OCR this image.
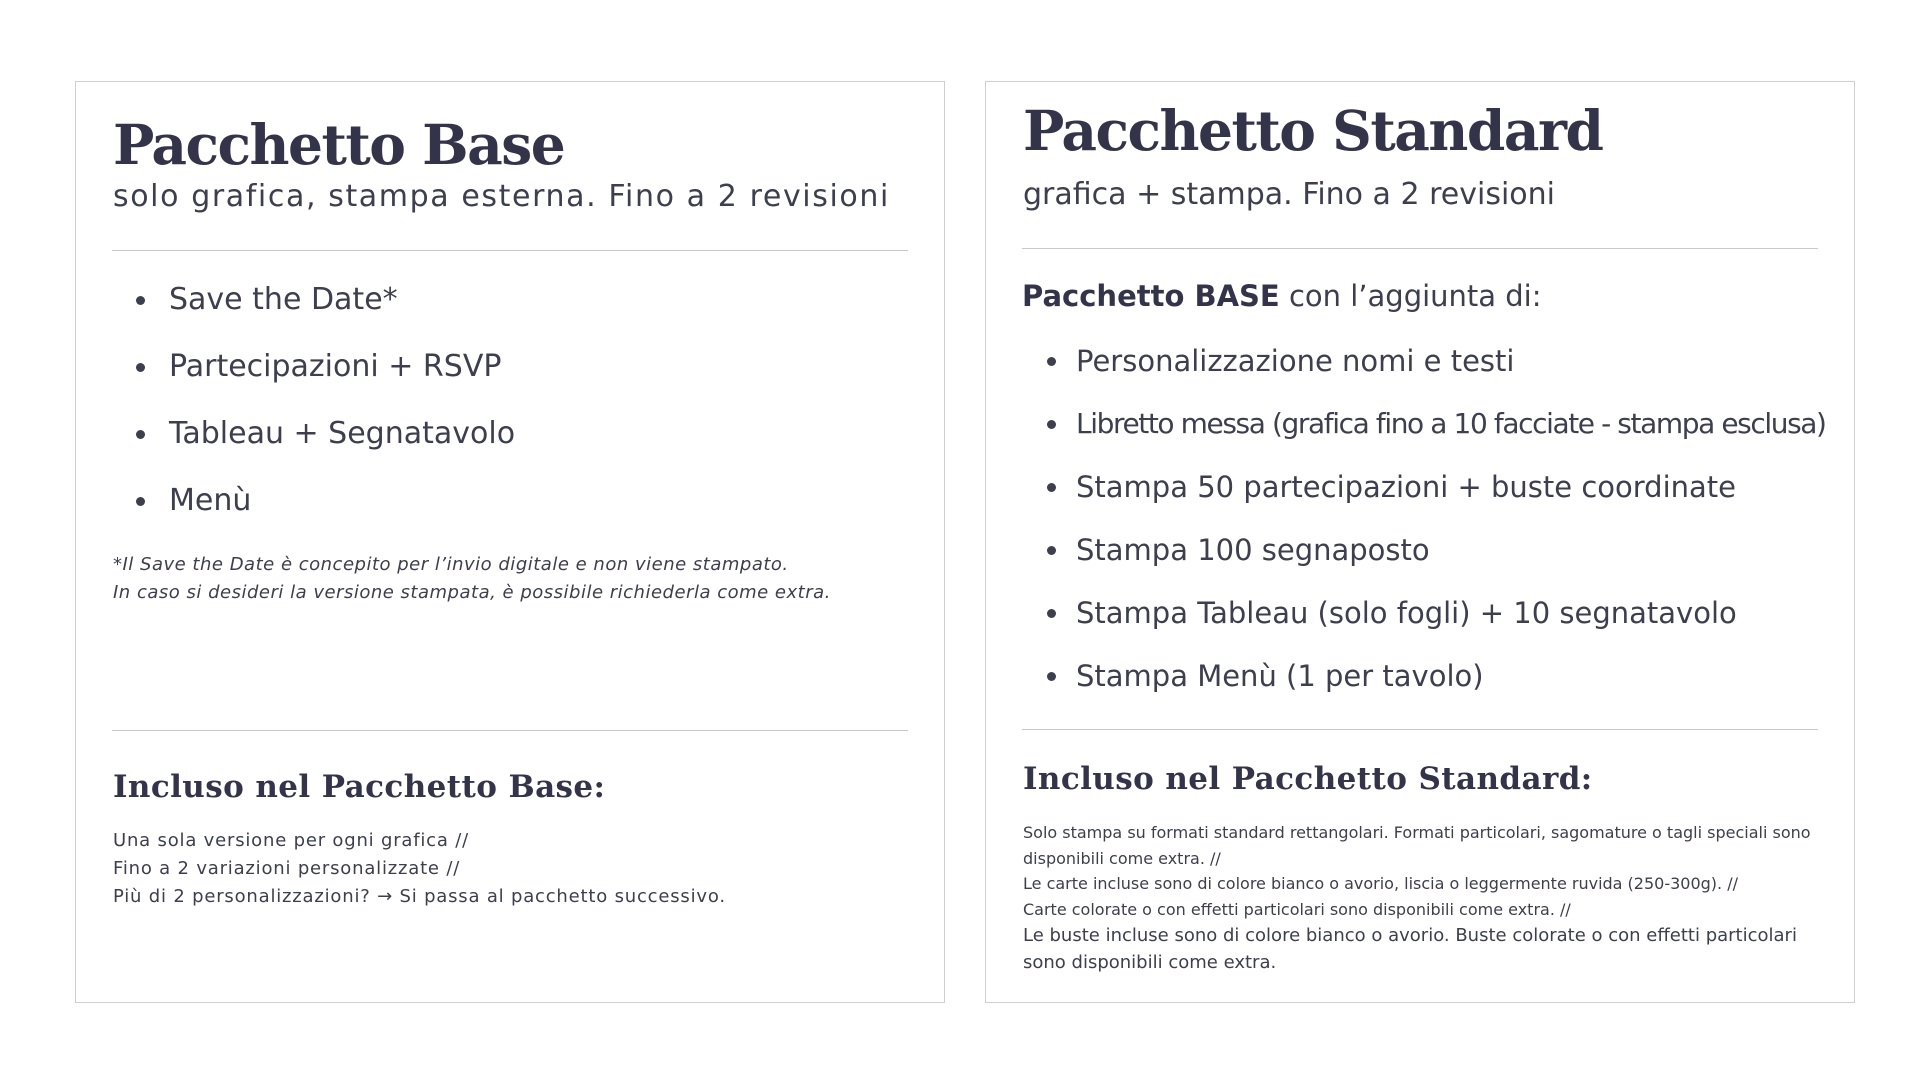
Pacchetto Base

solo grafica, stampa esterna. Fino a 2 revisioni

Save the Date*
Partecipazioni + RSVP
Tableau + Segnatavolo
Menù
*Il Save the Date è concepito per l’invio digitale e non viene stampato.
In caso si desideri la versione stampata, è possibile richiederla come extra.
Incluso nel Pacchetto Base:
Una sola versione per ogni grafica //
Fino a 2 variazioni personalizzate //
Più di 2 personalizzazioni? → Si passa al pacchetto successivo.
Pacchetto Standard

grafica + stampa. Fino a 2 revisioni

Pacchetto BASE con l’aggiunta di:

Personalizzazione nomi e testi
Libretto messa (grafica fino a 10 facciate - stampa esclusa)
Stampa 50 partecipazioni + buste coordinate
Stampa 100 segnaposto
Stampa Tableau (solo fogli) + 10 segnatavolo
Stampa Menù (1 per tavolo)
Incluso nel Pacchetto Standard:
Solo stampa su formati standard rettangolari. Formati particolari, sagomature o tagli speciali sono disponibili come extra. //
Le carte incluse sono di colore bianco o avorio, liscia o leggermente ruvida (250-300g). //
Carte colorate o con effetti particolari sono disponibili come extra. //
Le buste incluse sono di colore bianco o avorio. Buste colorate o con effetti particolari sono disponibili come extra.
